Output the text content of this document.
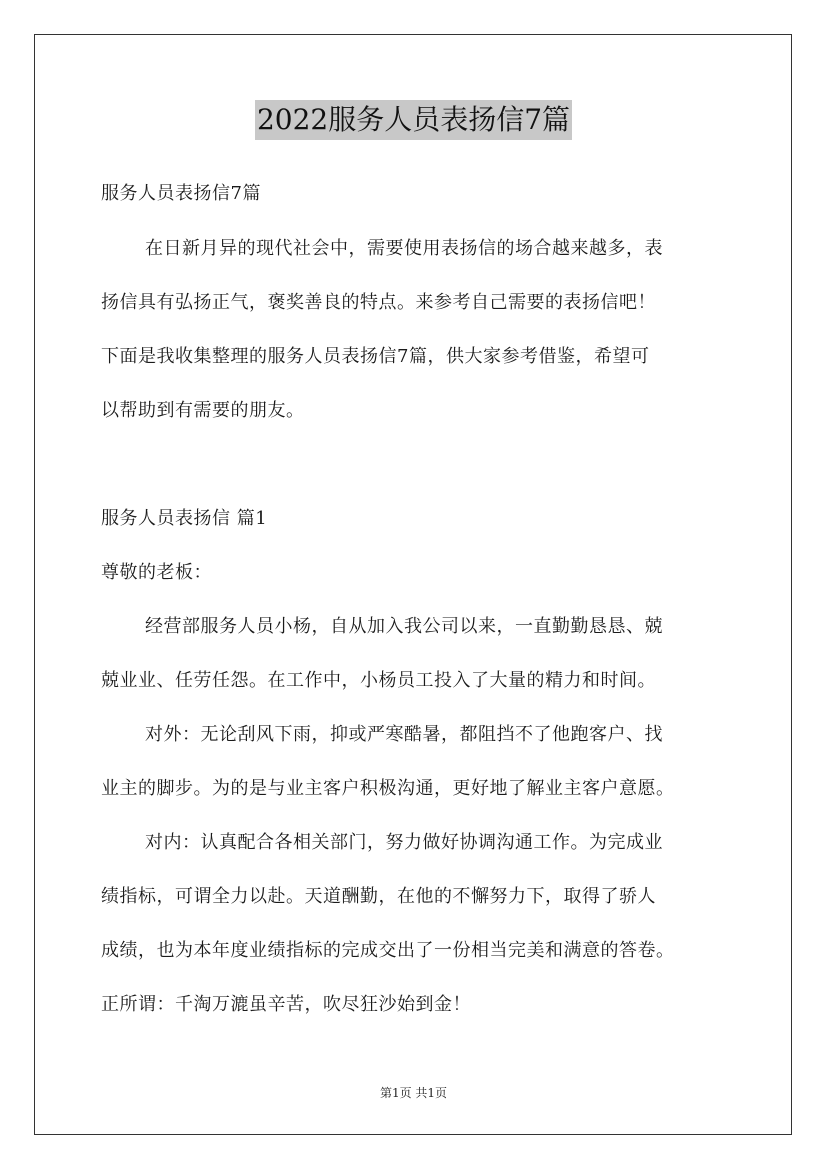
2022服务人员表扬信7篇
服务人员表扬信7篇
在日新月异的现代社会中，需要使用表扬信的场合越来越多，表
扬信具有弘扬正气，褒奖善良的特点。来参考自己需要的表扬信吧！
下面是我收集整理的服务人员表扬信7篇，供大家参考借鉴，希望可
以帮助到有需要的朋友。
服务人员表扬信 篇1
尊敬的老板：
经营部服务人员小杨，自从加入我公司以来，一直勤勤恳恳、兢
兢业业、任劳任怨。在工作中，小杨员工投入了大量的精力和时间。
对外：无论刮风下雨，抑或严寒酷暑，都阻挡不了他跑客户、找
业主的脚步。为的是与业主客户积极沟通，更好地了解业主客户意愿。
对内：认真配合各相关部门，努力做好协调沟通工作。为完成业
绩指标，可谓全力以赴。天道酬勤，在他的不懈努力下，取得了骄人
成绩，也为本年度业绩指标的完成交出了一份相当完美和满意的答卷。
正所谓：千淘万漉虽辛苦，吹尽狂沙始到金！
第1页 共1页
